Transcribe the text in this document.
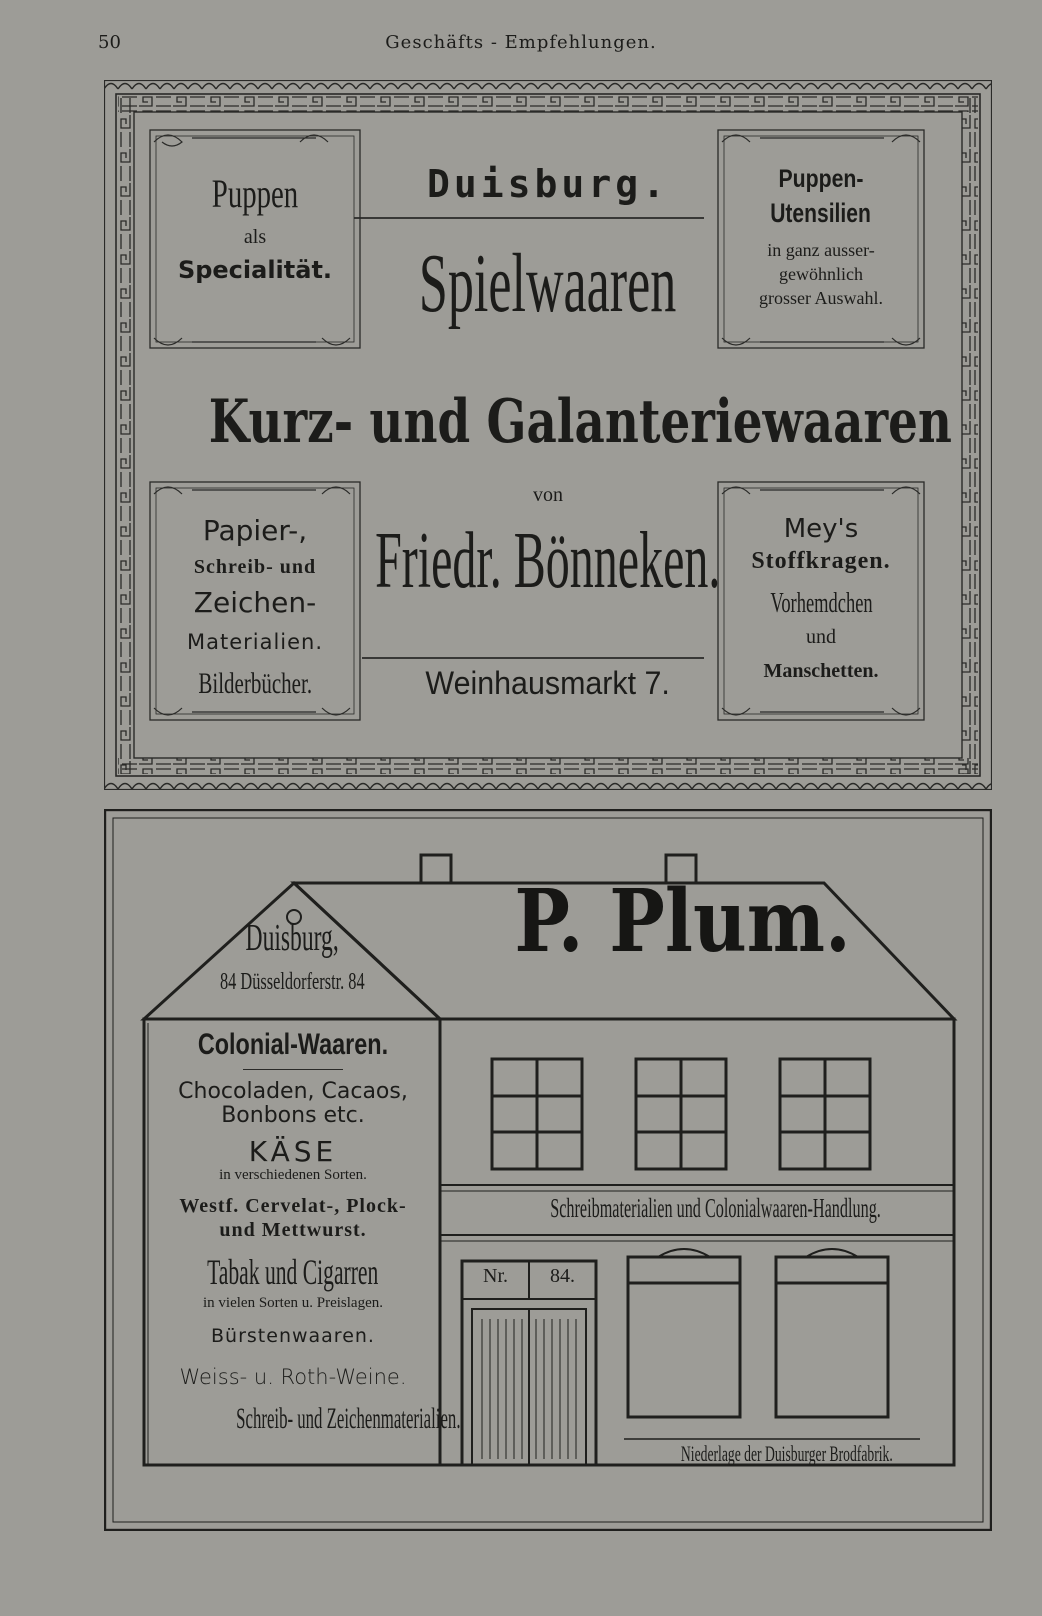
50	Geschäfts - Empfehlungen.
Puppen
als
Specialität.
Duisburg.
Spielwaaren
Puppen-
Utensilien
in ganz ausser-
gewöhnlich
grosser Auswahl.
Kurz- und Galanteriewaaren
von
Friedr. Bönneken.
Weinhausmarkt 7.
Papier-,
Schreib- und
Zeichen-
Materialien.
Bilderbücher.
Mey's
Stoffkragen.
Vorhemdchen
und
Manschetten.
P. Plum.
Duisburg,
84 Düsseldorferstr. 84
Colonial-Waaren.
Chocoladen, Cacaos,
Bonbons etc.
KÄSE
in verschiedenen Sorten.
Westf. Cervelat-, Plock-
und Mettwurst.
Tabak und Cigarren
in vielen Sorten u. Preislagen.
Bürstenwaaren.
Weiss- u. Roth-Weine.
Schreib- und Zeichenmaterialien.
Schreibmaterialien und Colonialwaaren-Handlung.
Nr.	84.
Niederlage der Duisburger Brodfabrik.
